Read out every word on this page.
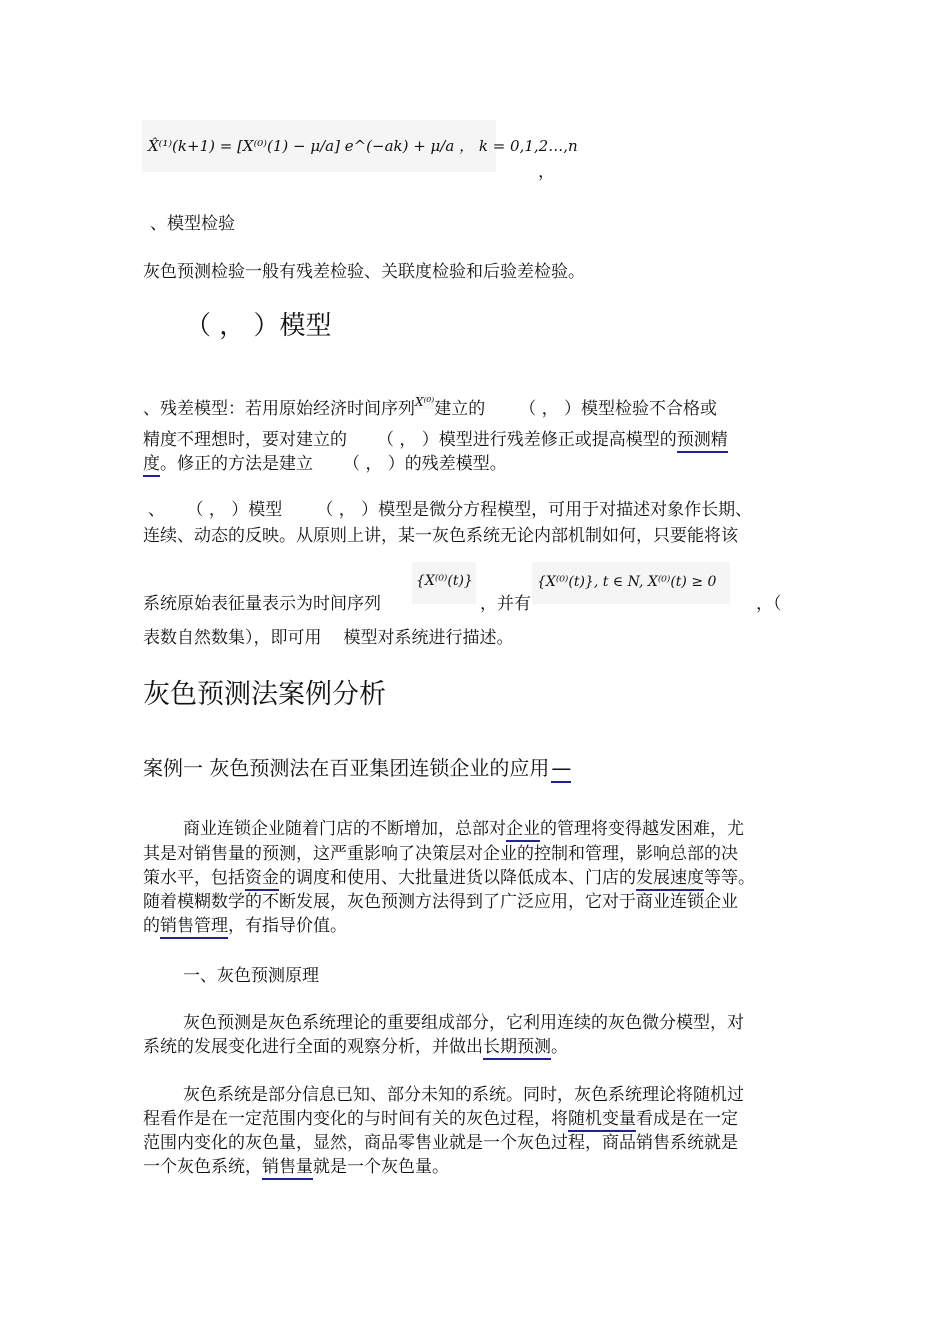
X̂⁽¹⁾(k+1) = [X⁽⁰⁾(1) − μ/a] e^(−ak) + μ/a ， k = 0,1,2…,n
，
、模型检验
灰色预测检验一般有残差检验、关联度检验和后验差检验。
（ ， ）模型
、残差模型：若用原始经济时间序列$^{X^{(0)}}$建立的 （ ， ）模型检验不合格或
精度不理想时，要对建立的 （ ， ）模型进行残差修正或提高模型的预测精
度。修正的方法是建立 （ ， ）的残差模型。
、 （ ， ）模型 （ ， ）模型是微分方程模型，可用于对描述对象作长期、
连续、动态的反映。从原则上讲，某一灰色系统无论内部机制如何，只要能将该
{X⁽⁰⁾(t)}	{X⁽⁰⁾(t)}, t ∈ N, X⁽⁰⁾(t) ≥ 0
系统原始表征量表示为时间序列	，并有	，（
表数自然数集），即可用 模型对系统进行描述。
灰色预测法案例分析
案例一 灰色预测法在百亚集团连锁企业的应用 —
商业连锁企业随着门店的不断增加，总部对企业的管理将变得越发困难，尤
其是对销售量的预测，这严重影响了决策层对企业的控制和管理，影响总部的决
策水平，包括资金的调度和使用、大批量进货以降低成本、门店的发展速度等等。
随着模糊数学的不断发展，灰色预测方法得到了广泛应用，它对于商业连锁企业
的销售管理，有指导价值。
一、灰色预测原理
灰色预测是灰色系统理论的重要组成部分，它利用连续的灰色微分模型，对
系统的发展变化进行全面的观察分析，并做出长期预测。
灰色系统是部分信息已知、部分未知的系统。同时，灰色系统理论将随机过
程看作是在一定范围内变化的与时间有关的灰色过程，将随机变量看成是在一定
范围内变化的灰色量，显然，商品零售业就是一个灰色过程，商品销售系统就是
一个灰色系统，销售量就是一个灰色量。
